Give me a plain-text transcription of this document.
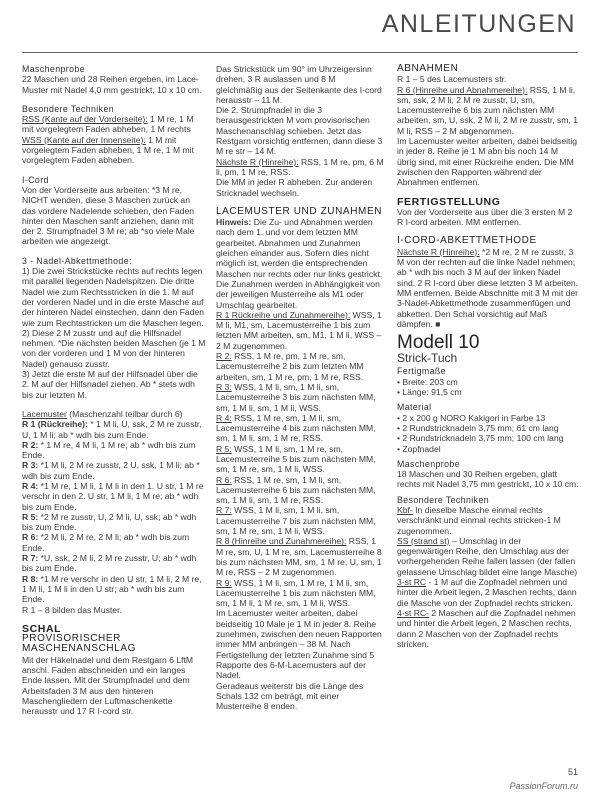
ANLEITUNGEN

Maschenprobe

22 Maschen und 28 Reihen ergeben, im Lace-Muster mit Nadel 4,0 mm gestrickt, 10 x 10 cm.

Besondere Techniken

RSS (Kante auf der Vorderseite): 1 M re, 1 M mit vorgelegtem Faden abheben, 1 M rechts

WSS (Kante auf der Innenseite): 1 M mit vorgelegtem Faden abheben, 1 M re, 1 M mit vorgelegtem Faden abheben.

I-Cord

Von der Vorderseite aus arbeiten: *3 M re, NICHT wenden, diese 3 Maschen zurück an das vordere Nadelende schieben, den Faden hinter den Maschen sanft anziehen, dann mit der 2. Strumpfnadel 3 M re; ab *so viele Male arbeiten wie angezeigt.

3 - Nadel-Abkettmethode:

1) Die zwei Strickstücke rechts auf rechts legen mit parallel liegenden Nadelspitzen. Die dritte Nadel wie zum Rechtsstricken in die 1. M auf der vorderen Nadel und in die erste Masche auf der hinteren Nadel einstechen, dann den Faden wie zum Rechtsstricken um die Maschen legen.

2) Diese 2 M zusstr und auf die Hilfsnadel nehmen. *Die nächsten beiden Maschen (je 1 M von der vorderen und 1 M von der hinteren Nadel) genauso zusstr.

3) Jetzt die erste M auf der Hilfsnadel über die 2. M auf der Hilfsnadel ziehen. Ab * stets wdh bis zur letzten M.

Lacemuster (Maschenzahl teilbar durch 6)

R 1 (Rückreihe): * 1 M li, U, ssk, 2 M re zusstr, U, 1 M li; ab * wdh bis zum Ende.

R 2: * 1 M re, 4 M li, 1 M re; ab * wdh bis zum Ende.

R 3: *1 M li, 2 M re zusstr, 2 U, ssk, 1 M li; ab * wdh bis zum Ende.

R 4: *1 M re, 1 M li, 1 M li in den 1. U str, 1 M re verschr in den 2. U str, 1 M li, 1 M re; ab * wdh bis zum Ende.

R 5: *2 M re zusstr, U, 2 M li, U, ssk; ab * wdh bis zum Ende.

R 6: *2 M li, 2 M re, 2 M li; ab * wdh bis zum Ende.

R 7: *U, ssk, 2 M li, 2 M re zusstr, U; ab * wdh bis zum Ende.

R 8: *1 M re verschr in den U str, 1 M li, 2 M re, 1 M li, 1 M li in den U str; ab * wdh bis zum Ende.

R 1 – 8 bilden das Muster.

SCHAL

PROVISORISCHER MASCHENANSCHLAG

Mit der Häkelnadel und dem Restgarn 6 LftM anschl. Faden abschneiden und ein langes Ende lassen. Mit der Strumpfnadel und dem Arbeitsfaden 3 M aus den hinteren Maschengliedern der Luftmaschenkette herausstr und 17 R I-cord str.

Das Strickstück um 90° im Uhrzeigersinn drehen, 3 R auslassen und 8 M gleichmäßig aus der Seitenkante des I-cord herausstr – 11 M.

Die 2. Strumpfnadel in die 3 herausgestrickten M vom provisorischen Maschenanschlag schieben. Jetzt das Restgarn vorsichtig entfernen, dann diese 3 M re str – 14 M.

Nächste R (Hinreihe): RSS, 1 M re, pm, 6 M li, pm, 1 M re, RSS.

Die MM in jeder R abheben. Zur anderen Stricknadel wechseln.

LACEMUSTER UND ZUNAHMEN

Hinweis: Die Zu- und Abnahmen werden nach dem 1. und vor dem letzten MM gearbeitet. Abnahmen und Zunahmen gleichen einander aus. Sofern dies nicht möglich ist, werden die entsprechenden Maschen nur rechts oder nur links gestrickt. Die Zunahmen werden in Abhängigkeit von der jeweiligen Musterreihe als M1 oder Umschlag gearbeitet.

R 1 Rückreihe und Zunahmereihe): WSS, 1 M li, M1, sm, Lacemusterreihe 1 bis zum letzten MM arbeiten, sm, M1, 1 M li, WSS – 2 M zugenommen.

R 2: RSS, 1 M re, pm, 1 M re, sm, Lacemusterreihe 2 bis zum letzten MM arbeiten, sm, 1 M re, pm, 1 M re, RSS.

R 3: WSS, 1 M li, sm, 1 M li, sm, Lacemusterreihe 3 bis zum nächsten MM, sm, 1 M li, sm, 1 M li, WSS.

R 4: RSS, 1 M re, sm, 1 M li, sm, Lacemusterreihe 4 bis zum nächsten MM, sm, 1 M li, sm, 1 M re, RSS.

R 5: WSS, 1 M li, sm, 1 M re, sm, Lacemusterreihe 5 bis zum nächsten MM, sm, 1 M re, sm, 1 M li, WSS.

R 6: RSS, 1 M re, sm, 1 M li, sm, Lacemusterreihe 6 bis zum nächsten MM, sm, 1 M li, sm, 1 M re, RSS.

R 7: WSS, 1 M li, sm, 1 M li, sm, Lacemusterreihe 7 bis zum nächsten MM, sm, 1 M re, sm, 1 M li, WSS.

R 8 (Hinreihe und Zunahmereihe): RSS, 1 M re, sm, U, 1 M re, sm, Lacemusterreihe 8 bis zum nächsten MM, sm, 1 M re, U, sm, 1 M re, RSS – 2 M zugenommen.

R 9: WSS, 1 M li, sm, 1 M re, 1 M li, sm, Lacemusterreihe 1 bis zum nächsten MM, sm, 1 M li, 1 M re, sm, 1 M li, WSS.

Im Lacemuster weiter arbeiten, dabei beidseitig 10 Male je 1 M in jeder 8. Reihe zunehmen, zwischen den neuen Rapporten immer MM anbringen – 38 M. Nach Fertigstellung der letzten Zunahme sind 5 Rapporte des 6-M-Lacemusters auf der Nadel.

Geradeaus weiterstr bis die Länge des Schals 132 cm beträgt, mit einer Musterreihe 8 enden.

ABNAHMEN

R 1 – 5 des Lacemusters str.

R 6 (Hinreihe und Abnahmereihe): RSS, 1 M li, sm, ssk, 2 M li, 2 M re zusstr, U, sm, Lacemusterreihe 6 bis zum nächsten MM arbeiten, sm, U, ssk, 2 M li, 2 M re zusstr, sm, 1 M li, RSS – 2 M abgenommen.

Im Lacemuster weiter arbeiten, dabei beidseitig in jeder 8. Reihe je 1 M abn bis noch 14 M übrig sind, mit einer Rückreihe enden. Die MM zwischen den Rapporten während der Abnahmen entfernen.

FERTIGSTELLUNG

Von der Vorderseite aus über die 3 ersten M 2 R I-cord arbeiten. MM entfernen.

I-CORD-ABKETTMETHODE

Nächste R (Hinreihe): *2 M re, 2 M re zusstr, 3 M von der rechten auf die linke Nadel nehmen; ab * wdh bis noch 3 M auf der linken Nadel sind. 2 R I-cord über diese letzten 3 M arbeiten. MM entfernen. Beide Abschnitte mit 3 M mit der 3-Nadel-Abkettmethode zusammenfügen und abketten. Den Schal vorsichtig auf Maß dämpfen. ■

Modell 10
Strick-Tuch

Fertigmaße

• Breite: 203 cm

• Länge: 91,5 cm

Material

• 2 x 200 g NORO Kakigori in Farbe 13

• 2 Rundstricknadeln 3,75 mm; 61 cm lang

• 2 Rundstricknadeln 3,75 mm; 100 cm lang

• Zopfnadel

Maschenprobe

18 Maschen und 30 Reihen ergeben, glatt rechts mit Nadel 3,75 mm gestrickt, 10 x 10 cm.

Besondere Techniken

Kbf- In dieselbe Masche einmal rechts verschränkt und einmal rechts stricken-1 M zugenommen.

SS (strand st) – Umschlag in der gegenwärtigen Reihe, den Umschlag aus der vorhergehenden Reihe fallen lassen (der fallen gelassene Umschlag bildet eine lange Masche)

3-st RC - 1 M auf die Zopfnadel nehmen und hinter die Arbeit legen, 2 Maschen rechts, dann die Masche von der Zopfnadel rechts stricken.

4-st RC- 2 Maschen auf die Zopfnadel nehmen und hinter die Arbeit legen, 2 Maschen rechts, dann 2 Maschen von der Zopfnadel rechts stricken.

51
PassionForum.ru
